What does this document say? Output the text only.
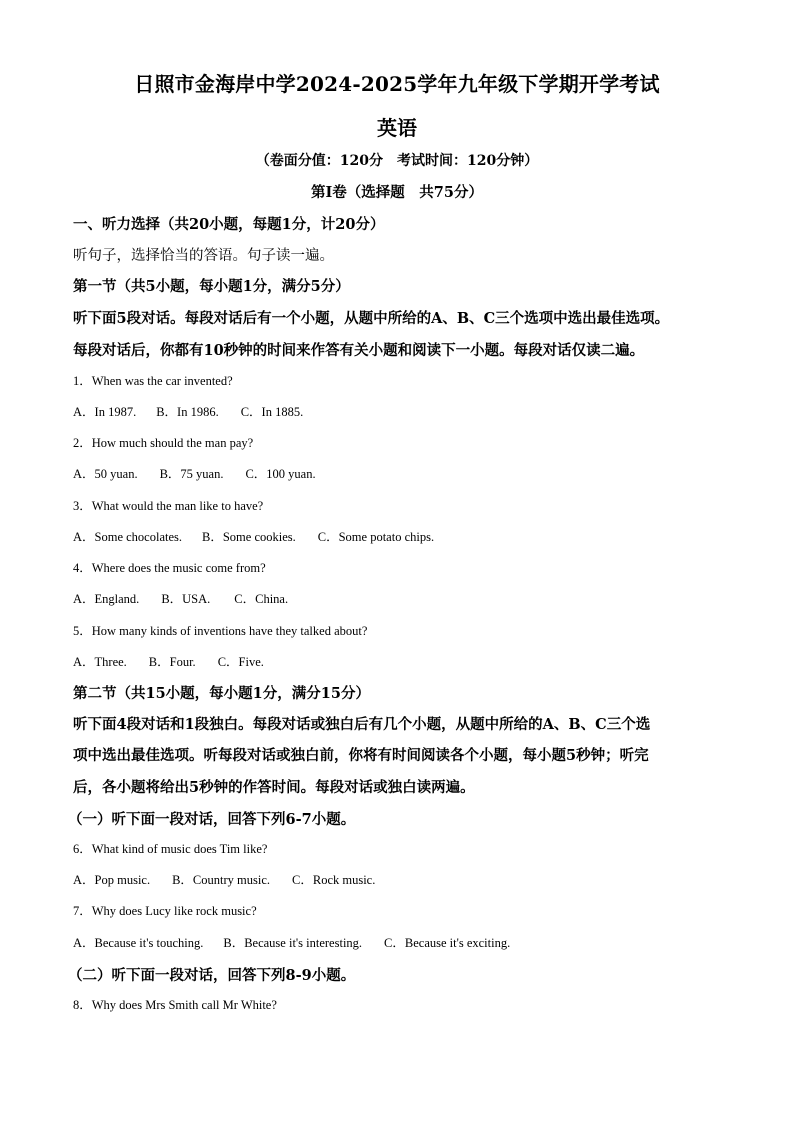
日照市金海岸中学2024-2025学年九年级下学期开学考试
英语
（卷面分值：120分　考试时间：120分钟）
第I卷（选择题　共75分）
一、听力选择（共20小题，每题1分，计20分）
听句子，选择恰当的答语。句子读一遍。
第一节（共5小题，每小题1分，满分5分）
听下面5段对话。每段对话后有一个小题，从题中所给的A、B、C三个选项中选出最佳选项。
每段对话后，你都有10秒钟的时间来作答有关小题和阅读下一小题。每段对话仅读二遍。
1．When was the car invented?
A．In 1987. B．In 1986. C．In 1885.
2．How much should the man pay?
A．50 yuan. B．75 yuan. C．100 yuan.
3．What would the man like to have?
A．Some chocolates. B．Some cookies. C．Some potato chips.
4．Where does the music come from?
A．England. B．USA. C．China.
5．How many kinds of inventions have they talked about?
A．Three. B．Four. C．Five.
第二节（共15小题，每小题1分，满分15分）
听下面4段对话和1段独白。每段对话或独白后有几个小题，从题中所给的A、B、C三个选
项中选出最佳选项。听每段对话或独白前，你将有时间阅读各个小题，每小题5秒钟；听完
后，各小题将给出5秒钟的作答时间。每段对话或独白读两遍。
（一）听下面一段对话，回答下列6-7小题。
6．What kind of music does Tim like?
A．Pop music. B．Country music. C．Rock music.
7．Why does Lucy like rock music?
A．Because it's touching. B．Because it's interesting. C．Because it's exciting.
（二）听下面一段对话，回答下列8-9小题。
8．Why does Mrs Smith call Mr White?
